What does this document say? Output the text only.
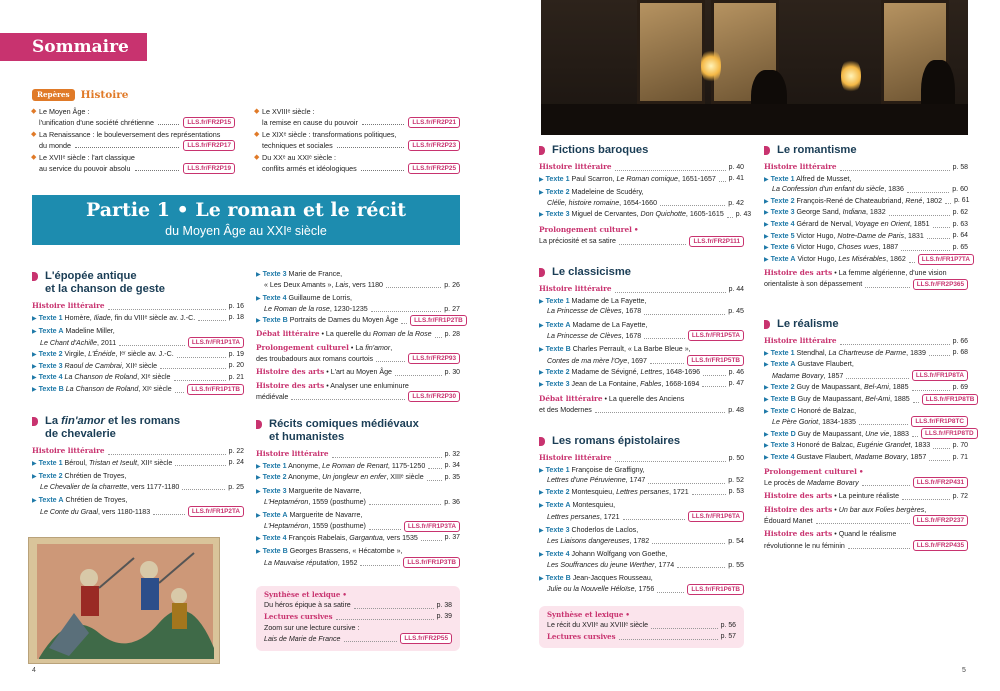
Sommaire
Repères	Histoire
◆ Le Moyen Âge :
l'unification d'une société chrétienne	LLS.fr/FR2P15
◆ La Renaissance : le bouleversement des représentations
du monde	LLS.fr/FR2P17
◆ Le XVIIᵉ siècle : l'art classique
au service du pouvoir absolu	LLS.fr/FR2P19
◆ Le XVIIIᵉ siècle :
la remise en cause du pouvoir	LLS.fr/FR2P21
◆ Le XIXᵉ siècle : transformations politiques,
techniques et sociales	LLS.fr/FR2P23
◆ Du XXᵉ au XXIᵉ siècle :
conflits armés et idéologiques	LLS.fr/FR2P25
Partie 1 • Le roman et le récit
du Moyen Âge au XXIᵉ siècle
L'épopée antique
et la chanson de geste
Histoire littéraire	p. 16
▶ Texte 1 Homère, Iliade, fin du VIIIᵉ siècle av. J.-C.	p. 18
▶ Texte A Madeline Miller,
Le Chant d'Achille, 2011	LLS.fr/FR1P1TA
▶ Texte 2 Virgile, L'Énéide, Iᵉʳ siècle av. J.-C.	p. 19
▶ Texte 3 Raoul de Cambrai, XIIᵉ siècle	p. 20
▶ Texte 4 La Chanson de Roland, XIᵉ siècle	p. 21
▶ Texte B La Chanson de Roland, XIᵉ siècle	LLS.fr/FR1P1TB
La fin'amor et les romans
de chevalerie
Histoire littéraire	p. 22
▶ Texte 1 Béroul, Tristan et Iseult, XIIᵉ siècle	p. 24
▶ Texte 2 Chrétien de Troyes,
Le Chevalier de la charrette, vers 1177-1180	p. 25
▶ Texte A Chrétien de Troyes,
Le Conte du Graal, vers 1180-1183	LLS.fr/FR1P2TA
▶ Texte 3 Marie de France,
« Les Deux Amants », Lais, vers 1180	p. 26
▶ Texte 4 Guillaume de Lorris,
Le Roman de la rose, 1230-1235	p. 27
▶ Texte B Portraits de Dames du Moyen Âge	LLS.fr/FR1P2TB
Débat littéraire • La querelle du Roman de la Rose p. 28
Prolongement culturel • La fin'amor,
des troubadours aux romans courtois	LLS.fr/FR2P93
Histoire des arts • L'art au Moyen Âge	p. 30
Histoire des arts • Analyser une enluminure
médiévale	LLS.fr/FR2P30
Récits comiques médiévaux
et humanistes
Histoire littéraire	p. 32
▶ Texte 1 Anonyme, Le Roman de Renart, 1175-1250	p. 34
▶ Texte 2 Anonyme, Un jongleur en enfer, XIIIᵉ siècle	p. 35
▶ Texte 3 Marguerite de Navarre,
L'Heptaméron, 1559 (posthume)	p. 36
▶ Texte A Marguerite de Navarre,
L'Heptaméron, 1559 (posthume)	LLS.fr/FR1P3TA
▶ Texte 4 François Rabelais, Gargantua, vers 1535	p. 37
▶ Texte B Georges Brassens, « Hécatombe »,
La Mauvaise réputation, 1952	LLS.fr/FR1P3TB
Synthèse et lexique •
Du héros épique à sa satire	p. 38
Lectures cursives	p. 39
Zoom sur une lecture cursive :
Lais de Marie de France	LLS.fr/FR2P55
Fictions baroques
Histoire littéraire	p. 40
▶ Texte 1 Paul Scarron, Le Roman comique, 1651-1657 p. 41
▶ Texte 2 Madeleine de Scudéry,
Clélie, histoire romaine, 1654-1660	p. 42
▶ Texte 3 Miguel de Cervantes, Don Quichotte, 1605-1615 p. 43
Prolongement culturel •
La préciosité et sa satire	LLS.fr/FR2P111
Le classicisme
Histoire littéraire	p. 44
▶ Texte 1 Madame de La Fayette,
La Princesse de Clèves, 1678	p. 45
▶ Texte A Madame de La Fayette,
La Princesse de Clèves, 1678	LLS.fr/FR1P5TA
▶ Texte B Charles Perrault, « La Barbe Bleue »,
Contes de ma mère l'Oye, 1697	LLS.fr/FR1P5TB
▶ Texte 2 Madame de Sévigné, Lettres, 1648-1696	p. 46
▶ Texte 3 Jean de La Fontaine, Fables, 1668-1694	p. 47
Débat littéraire • La querelle des Anciens
et des Modernes	p. 48
Les romans épistolaires
Histoire littéraire	p. 50
▶ Texte 1 Françoise de Graffigny,
Lettres d'une Péruvienne, 1747	p. 52
▶ Texte 2 Montesquieu, Lettres persanes, 1721	p. 53
▶ Texte A Montesquieu,
Lettres persanes, 1721	LLS.fr/FR1P6TA
▶ Texte 3 Choderlos de Laclos,
Les Liaisons dangereuses, 1782	p. 54
▶ Texte 4 Johann Wolfgang von Goethe,
Les Souffrances du jeune Werther, 1774	p. 55
▶ Texte B Jean-Jacques Rousseau,
Julie ou la Nouvelle Héloïse, 1756	LLS.fr/FR1P6TB
Synthèse et lexique •
Le récit du XVIIᵉ au XVIIIᵉ siècle	p. 56
Lectures cursives	p. 57
Le romantisme
Histoire littéraire	p. 58
▶ Texte 1 Alfred de Musset,
La Confession d'un enfant du siècle, 1836	p. 60
▶ Texte 2 François-René de Chateaubriand, René, 1802 p. 61
▶ Texte 3 George Sand, Indiana, 1832	p. 62
▶ Texte 4 Gérard de Nerval, Voyage en Orient, 1851	p. 63
▶ Texte 5 Victor Hugo, Notre-Dame de Paris, 1831	p. 64
▶ Texte 6 Victor Hugo, Choses vues, 1887	p. 65
▶ Texte A Victor Hugo, Les Misérables, 1862	LLS.fr/FR1P7TA
Histoire des arts • La femme algérienne, d'une vision
orientaliste à son dépassement	LLS.fr/FR2P365
Le réalisme
Histoire littéraire	p. 66
▶ Texte 1 Stendhal, La Chartreuse de Parme, 1839	p. 68
▶ Texte A Gustave Flaubert,
Madame Bovary, 1857	LLS.fr/FR1P8TA
▶ Texte 2 Guy de Maupassant, Bel-Ami, 1885	p. 69
▶ Texte B Guy de Maupassant, Bel-Ami, 1885	LLS.fr/FR1P8TB
▶ Texte C Honoré de Balzac,
Le Père Goriot, 1834-1835	LLS.fr/FR1P8TC
▶ Texte D Guy de Maupassant, Une vie, 1883	LLS.fr/FR1P8TD
▶ Texte 3 Honoré de Balzac, Eugénie Grandet, 1833	p. 70
▶ Texte 4 Gustave Flaubert, Madame Bovary, 1857	p. 71
Prolongement culturel •
Le procès de Madame Bovary	LLS.fr/FR2P431
Histoire des arts • La peinture réaliste	p. 72
Histoire des arts • Un bar aux Folies bergères,
Édouard Manet	LLS.fr/FR2P237
Histoire des arts • Quand le réalisme
révolutionne le nu féminin	LLS.fr/FR2P435
4	5
